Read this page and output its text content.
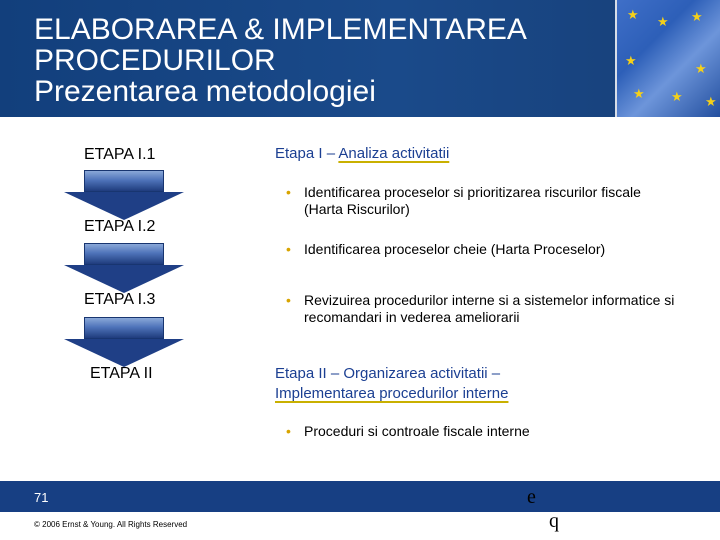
ELABORAREA & IMPLEMENTAREA
PROCEDURILOR
Prezentarea metodologiei
★ ★ ★
★
★
★ ★ ★
ETAPA I.1
ETAPA I.2
ETAPA I.3
ETAPA II
Etapa I – Analiza activitatii
• Identificarea proceselor si prioritizarea riscurilor fiscale (Harta Riscurilor)
• Identificarea proceselor cheie (Harta Proceselor)
• Revizuirea procedurilor interne si a sistemelor informatice si recomandari in vederea ameliorarii
Etapa II – Organizarea activitatii –
Implementarea procedurilor interne
• Proceduri si controale fiscale interne
71	e
q
© 2006 Ernst & Young. All Rights Reserved
